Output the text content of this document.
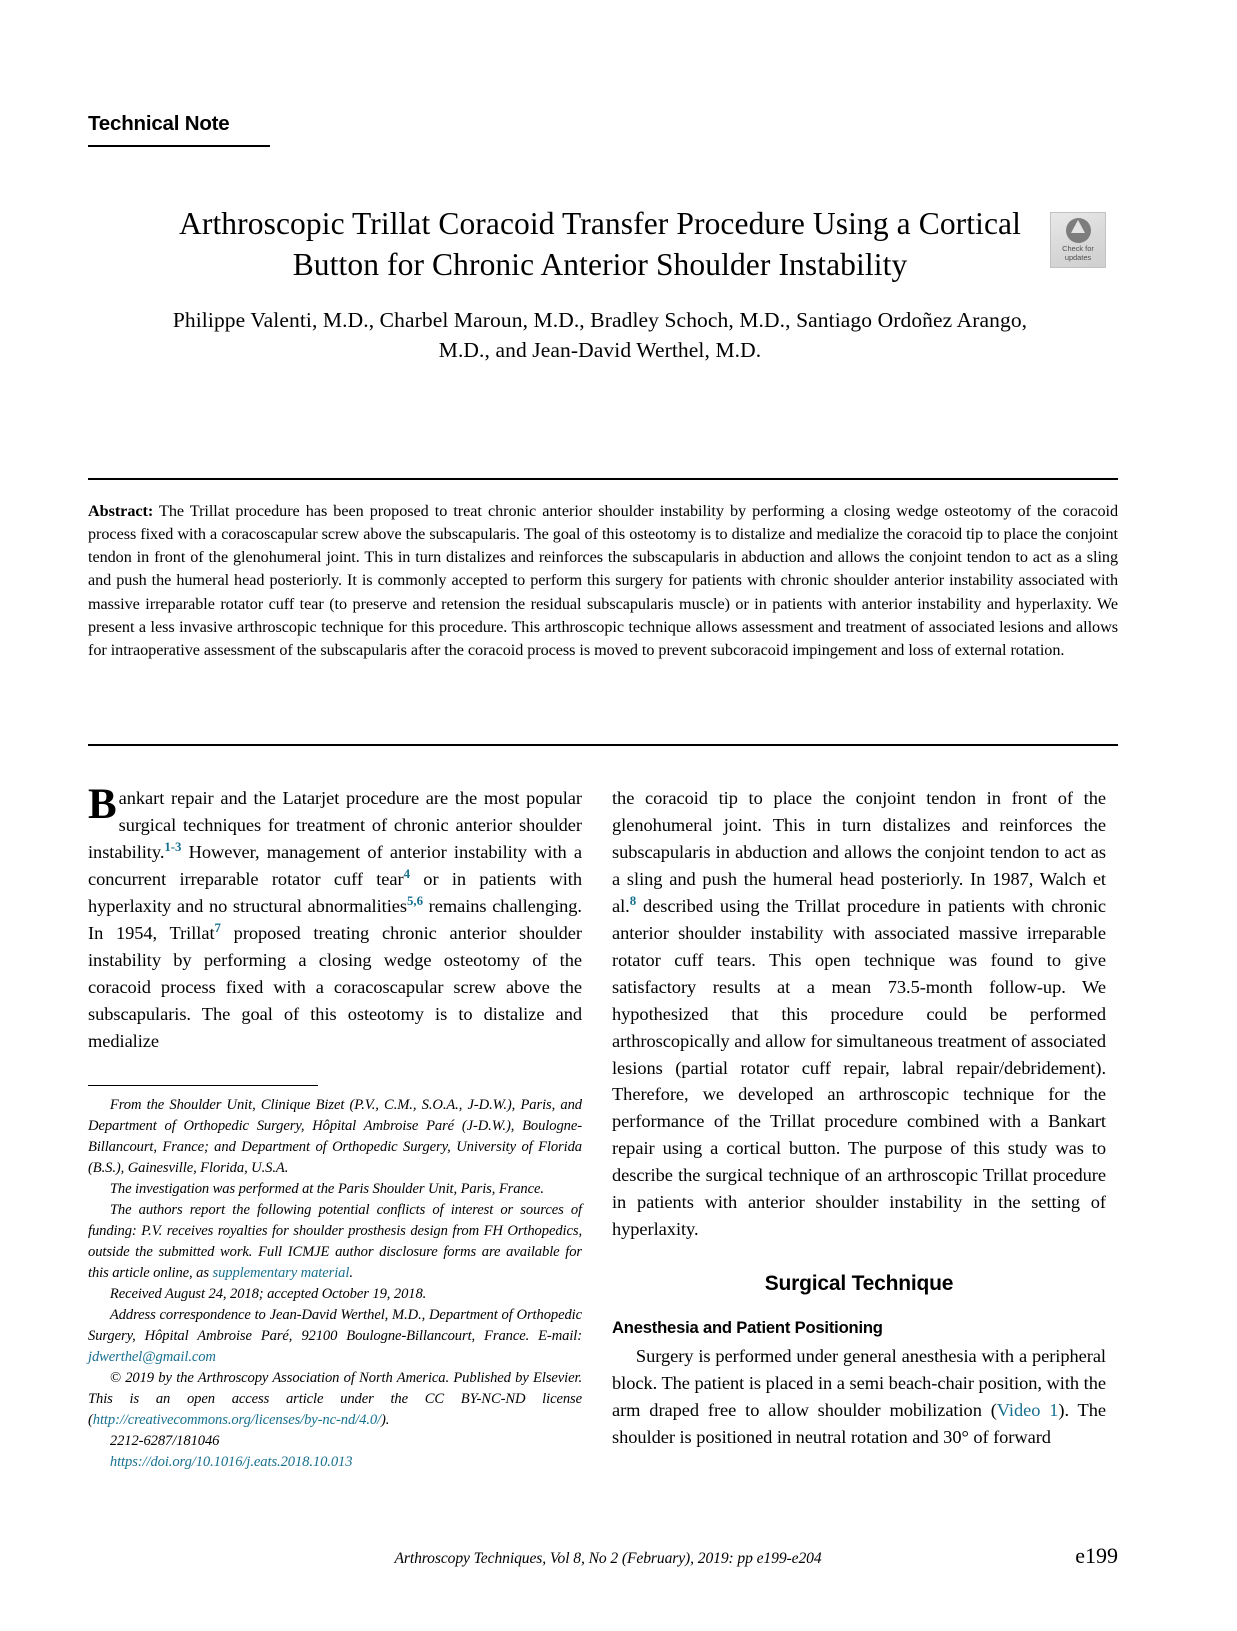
Technical Note
Check for
updates
Arthroscopic Trillat Coracoid Transfer Procedure Using a Cortical Button for Chronic Anterior Shoulder Instability
Philippe Valenti, M.D., Charbel Maroun, M.D., Bradley Schoch, M.D., Santiago Ordoñez Arango, M.D., and Jean-David Werthel, M.D.
Abstract: The Trillat procedure has been proposed to treat chronic anterior shoulder instability by performing a closing wedge osteotomy of the coracoid process fixed with a coracoscapular screw above the subscapularis. The goal of this osteotomy is to distalize and medialize the coracoid tip to place the conjoint tendon in front of the glenohumeral joint. This in turn distalizes and reinforces the subscapularis in abduction and allows the conjoint tendon to act as a sling and push the humeral head posteriorly. It is commonly accepted to perform this surgery for patients with chronic shoulder anterior instability associated with massive irreparable rotator cuff tear (to preserve and retension the residual subscapularis muscle) or in patients with anterior instability and hyperlaxity. We present a less invasive arthroscopic technique for this procedure. This arthroscopic technique allows assessment and treatment of associated lesions and allows for intraoperative assessment of the subscapularis after the coracoid process is moved to prevent subcoracoid impingement and loss of external rotation.

Bankart repair and the Latarjet procedure are the most popular surgical techniques for treatment of chronic anterior shoulder instability.$^{1-3}$ However, management of anterior instability with a concurrent irreparable rotator cuff tear$^4$ or in patients with hyperlaxity and no structural abnormalities$^{5,6}$ remains challenging. In 1954, Trillat$^7$ proposed treating chronic anterior shoulder instability by performing a closing wedge osteotomy of the coracoid process fixed with a coracoscapular screw above the subscapularis. The goal of this osteotomy is to distalize and medialize

From the Shoulder Unit, Clinique Bizet (P.V., C.M., S.O.A., J-D.W.), Paris, and Department of Orthopedic Surgery, Hôpital Ambroise Paré (J-D.W.), Boulogne-Billancourt, France; and Department of Orthopedic Surgery, University of Florida (B.S.), Gainesville, Florida, U.S.A.

The investigation was performed at the Paris Shoulder Unit, Paris, France.

The authors report the following potential conflicts of interest or sources of funding: P.V. receives royalties for shoulder prosthesis design from FH Orthopedics, outside the submitted work. Full ICMJE author disclosure forms are available for this article online, as supplementary material.

Received August 24, 2018; accepted October 19, 2018.

Address correspondence to Jean-David Werthel, M.D., Department of Orthopedic Surgery, Hôpital Ambroise Paré, 92100 Boulogne-Billancourt, France. E-mail: jdwerthel@gmail.com

© 2019 by the Arthroscopy Association of North America. Published by Elsevier. This is an open access article under the CC BY-NC-ND license (http://creativecommons.org/licenses/by-nc-nd/4.0/).

2212-6287/181046

https://doi.org/10.1016/j.eats.2018.10.013

the coracoid tip to place the conjoint tendon in front of the glenohumeral joint. This in turn distalizes and reinforces the subscapularis in abduction and allows the conjoint tendon to act as a sling and push the humeral head posteriorly. In 1987, Walch et al.$^8$ described using the Trillat procedure in patients with chronic anterior shoulder instability with associated massive irreparable rotator cuff tears. This open technique was found to give satisfactory results at a mean 73.5-month follow-up. We hypothesized that this procedure could be performed arthroscopically and allow for simultaneous treatment of associated lesions (partial rotator cuff repair, labral repair/debridement). Therefore, we developed an arthroscopic technique for the performance of the Trillat procedure combined with a Bankart repair using a cortical button. The purpose of this study was to describe the surgical technique of an arthroscopic Trillat procedure in patients with anterior shoulder instability in the setting of hyperlaxity.

Surgical Technique
Anesthesia and Patient Positioning

Surgery is performed under general anesthesia with a peripheral block. The patient is placed in a semi beach-chair position, with the arm draped free to allow shoulder mobilization (Video 1). The shoulder is positioned in neutral rotation and 30° of forward

Arthroscopy Techniques, Vol 8, No 2 (February), 2019: pp e199-e204	e199
